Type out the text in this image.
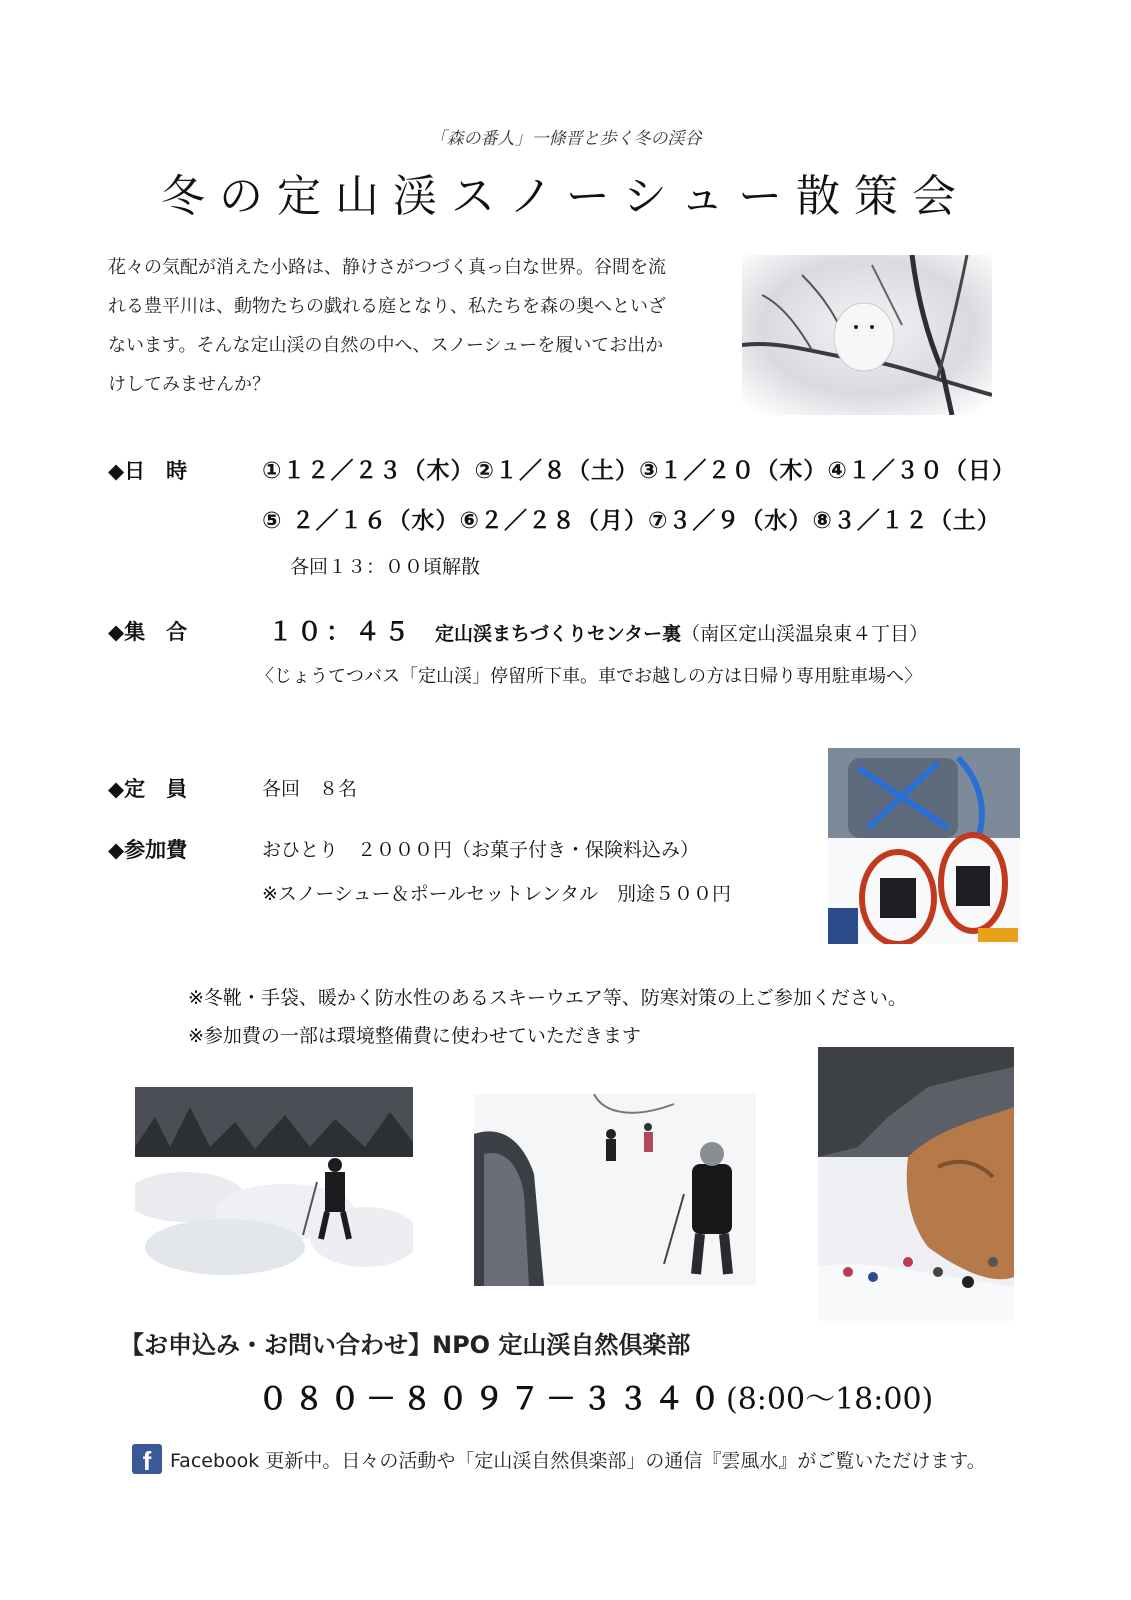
「森の番人」一條晋と歩く冬の渓谷
冬の定山渓スノーシュー散策会

花々の気配が消えた小路は、静けさがつづく真っ白な世界。谷間を流

れる豊平川は、動物たちの戯れる庭となり、私たちを森の奥へといざ

ないます。そんな定山渓の自然の中へ、スノーシューを履いてお出か

けしてみませんか？

◆日　時	①１２／２３（木）②１／８（土）③１／２０（木）④１／３０（日）
⑤ ２／１６（水）⑥２／２８（月）⑦３／９（水）⑧３／１２（土）
各回１３：００頃解散
◆集　合	１０：４５ 定山渓まちづくりセンター裏 （南区定山渓温泉東４丁目）
〈じょうてつバス「定山渓」停留所下車。車でお越しの方は日帰り専用駐車場へ〉
◆定　員	各回　８名
◆参加費	おひとり　２０００円（お菓子付き・保険料込み）
※スノーシュー＆ポールセットレンタル　別途５００円
※冬靴・手袋、暖かく防水性のあるスキーウエア等、防寒対策の上ご参加ください。
※参加費の一部は環境整備費に使わせていただきます
【お申込み・お問い合わせ】NPO 定山渓自然倶楽部
０８０－８０９７－３３４０(8:00～18:00)
f Facebook 更新中。日々の活動や「定山渓自然倶楽部」の通信『雲風水』がご覧いただけます。
